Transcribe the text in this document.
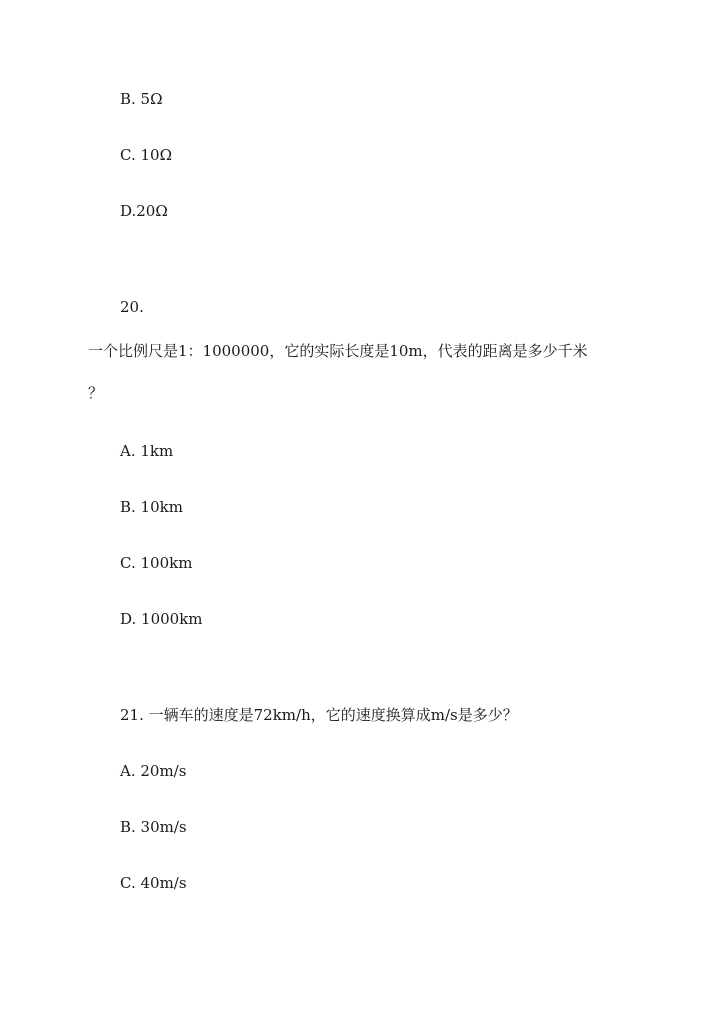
B. 5Ω
C. 10Ω
D.20Ω
20.
一个比例尺是1：1000000，它的实际长度是10m，代表的距离是多少千米
？
A. 1km
B. 10km
C. 100km
D. 1000km
21. 一辆车的速度是72km/h，它的速度换算成m/s是多少？
A. 20m/s
B. 30m/s
C. 40m/s
